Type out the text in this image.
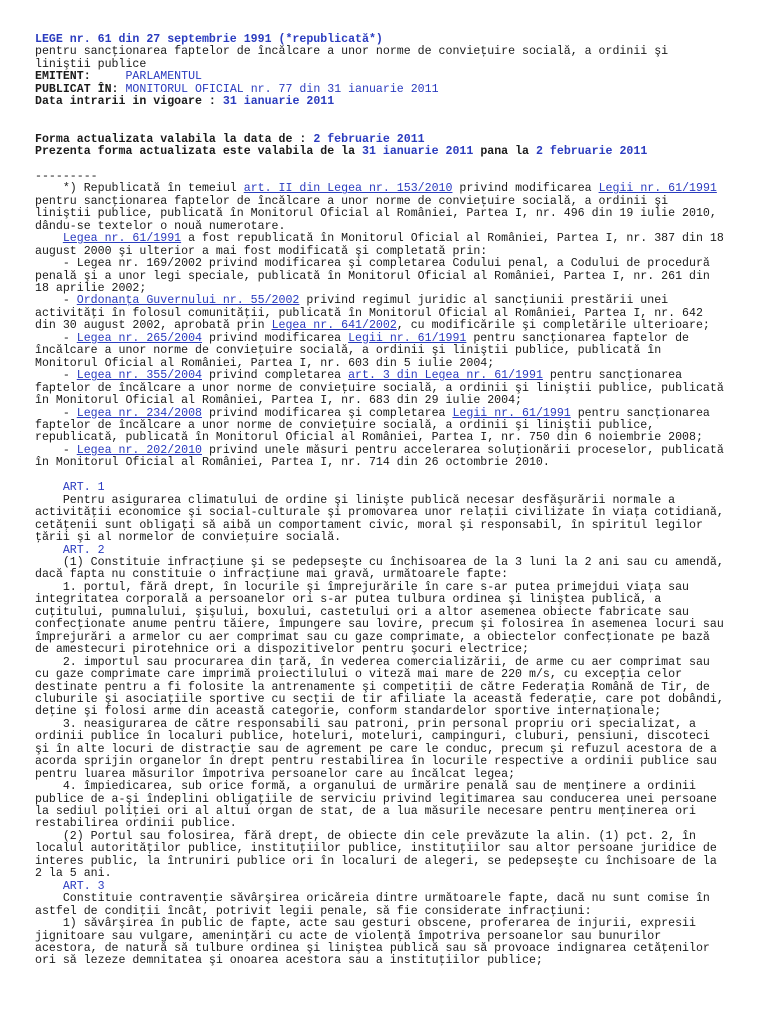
LEGE nr. 61 din 27 septembrie 1991 (*republicată*)
pentru sancţionarea faptelor de încălcare a unor norme de convieţuire socială, a ordinii şi
liniştii publice
EMITENT:	PARLAMENTUL
PUBLICAT ÎN: MONITORUL OFICIAL nr. 77 din 31 ianuarie 2011
Data intrarii in vigoare : 31 ianuarie 2011
Forma actualizata valabila la data de : 2 februarie 2011
Prezenta forma actualizata este valabila de la 31 ianuarie 2011 pana la 2 februarie 2011
---------
*) Republicată în temeiul art. II din Legea nr. 153/2010 privind modificarea Legii nr. 61/1991
pentru sancţionarea faptelor de încălcare a unor norme de convieţuire socială, a ordinii şi
liniştii publice, publicată în Monitorul Oficial al României, Partea I, nr. 496 din 19 iulie 2010,
dându-se textelor o nouă numerotare.
Legea nr. 61/1991 a fost republicată în Monitorul Oficial al României, Partea I, nr. 387 din 18
august 2000 şi ulterior a mai fost modificată şi completată prin:
- Legea nr. 169/2002 privind modificarea şi completarea Codului penal, a Codului de procedură
penală şi a unor legi speciale, publicată în Monitorul Oficial al României, Partea I, nr. 261 din
18 aprilie 2002;
- Ordonanţa Guvernului nr. 55/2002 privind regimul juridic al sancţiunii prestării unei
activităţi în folosul comunităţii, publicată în Monitorul Oficial al României, Partea I, nr. 642
din 30 august 2002, aprobată prin Legea nr. 641/2002, cu modificările şi completările ulterioare;
- Legea nr. 265/2004 privind modificarea Legii nr. 61/1991 pentru sancţionarea faptelor de
încălcare a unor norme de convieţuire socială, a ordinii şi liniştii publice, publicată în
Monitorul Oficial al României, Partea I, nr. 603 din 5 iulie 2004;
- Legea nr. 355/2004 privind completarea art. 3 din Legea nr. 61/1991 pentru sancţionarea
faptelor de încălcare a unor norme de convieţuire socială, a ordinii şi liniştii publice, publicată
în Monitorul Oficial al României, Partea I, nr. 683 din 29 iulie 2004;
- Legea nr. 234/2008 privind modificarea şi completarea Legii nr. 61/1991 pentru sancţionarea
faptelor de încălcare a unor norme de convieţuire socială, a ordinii şi liniştii publice,
republicată, publicată în Monitorul Oficial al României, Partea I, nr. 750 din 6 noiembrie 2008;
- Legea nr. 202/2010 privind unele măsuri pentru accelerarea soluţionării proceselor, publicată
în Monitorul Oficial al României, Partea I, nr. 714 din 26 octombrie 2010.
ART. 1
Pentru asigurarea climatului de ordine şi linişte publică necesar desfăşurării normale a
activităţii economice şi social-culturale şi promovarea unor relaţii civilizate în viaţa cotidiană,
cetăţenii sunt obligaţi să aibă un comportament civic, moral şi responsabil, în spiritul legilor
ţării şi al normelor de convieţuire socială.
ART. 2
(1) Constituie infracţiune şi se pedepseşte cu închisoarea de la 3 luni la 2 ani sau cu amendă,
dacă fapta nu constituie o infracţiune mai gravă, următoarele fapte:
1. portul, fără drept, în locurile şi împrejurările în care s-ar putea primejdui viaţa sau
integritatea corporală a persoanelor ori s-ar putea tulbura ordinea şi liniştea publică, a
cuţitului, pumnalului, şişului, boxului, castetului ori a altor asemenea obiecte fabricate sau
confecţionate anume pentru tăiere, împungere sau lovire, precum şi folosirea în asemenea locuri sau
împrejurări a armelor cu aer comprimat sau cu gaze comprimate, a obiectelor confecţionate pe bază
de amestecuri pirotehnice ori a dispozitivelor pentru şocuri electrice;
2. importul sau procurarea din ţară, în vederea comercializării, de arme cu aer comprimat sau
cu gaze comprimate care imprimă proiectilului o viteză mai mare de 220 m/s, cu excepţia celor
destinate pentru a fi folosite la antrenamente şi competiţii de către Federaţia Română de Tir, de
cluburile şi asociaţiile sportive cu secţii de tir afiliate la această federaţie, care pot dobândi,
deţine şi folosi arme din această categorie, conform standardelor sportive internaţionale;
3. neasigurarea de către responsabili sau patroni, prin personal propriu ori specializat, a
ordinii publice în localuri publice, hoteluri, moteluri, campinguri, cluburi, pensiuni, discoteci
şi în alte locuri de distracţie sau de agrement pe care le conduc, precum şi refuzul acestora de a
acorda sprijin organelor în drept pentru restabilirea în locurile respective a ordinii publice sau
pentru luarea măsurilor împotriva persoanelor care au încălcat legea;
4. împiedicarea, sub orice formă, a organului de urmărire penală sau de menţinere a ordinii
publice de a-şi îndeplini obligaţiile de serviciu privind legitimarea sau conducerea unei persoane
la sediul poliţiei ori al altui organ de stat, de a lua măsurile necesare pentru menţinerea ori
restabilirea ordinii publice.
(2) Portul sau folosirea, fără drept, de obiecte din cele prevăzute la alin. (1) pct. 2, în
localul autorităţilor publice, instituţiilor publice, instituţiilor sau altor persoane juridice de
interes public, la întruniri publice ori în localuri de alegeri, se pedepseşte cu închisoare de la
2 la 5 ani.
ART. 3
Constituie contravenţie săvârşirea oricăreia dintre următoarele fapte, dacă nu sunt comise în
astfel de condiţii încât, potrivit legii penale, să fie considerate infracţiuni:
1) săvârşirea în public de fapte, acte sau gesturi obscene, proferarea de injurii, expresii
jignitoare sau vulgare, ameninţări cu acte de violenţă împotriva persoanelor sau bunurilor
acestora, de natură să tulbure ordinea şi liniştea publică sau să provoace indignarea cetăţenilor
ori să lezeze demnitatea şi onoarea acestora sau a instituţiilor publice;
